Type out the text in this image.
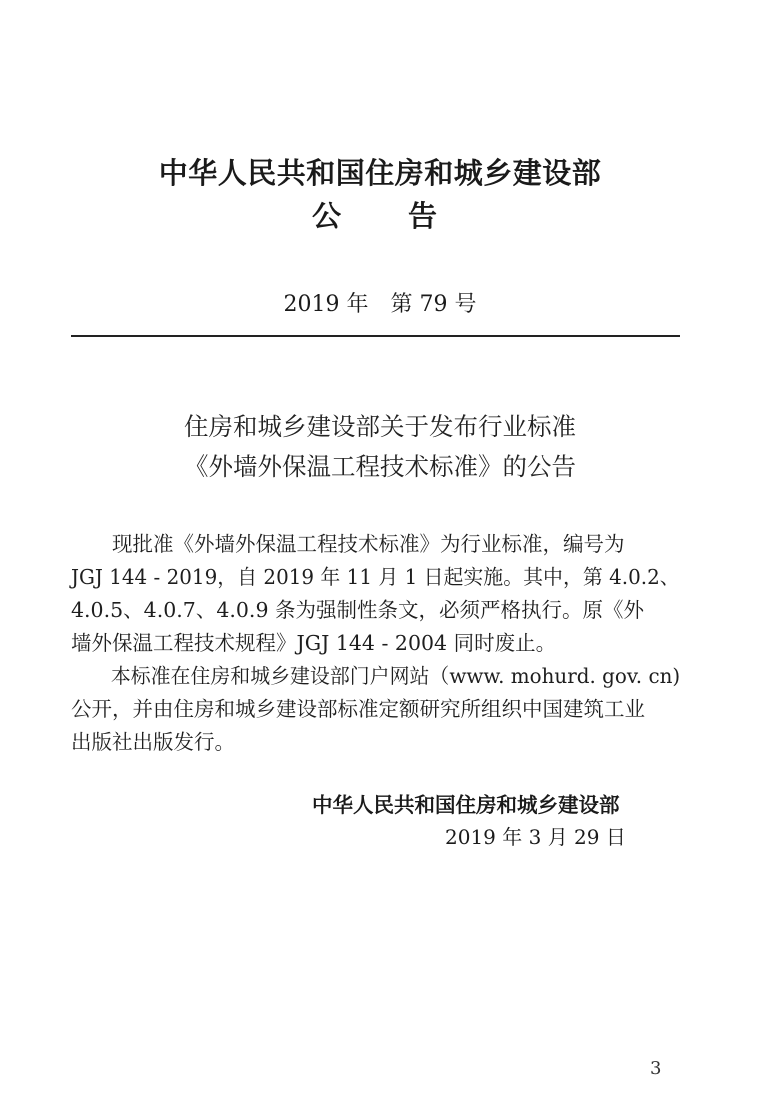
中华人民共和国住房和城乡建设部
公 告
2019 年　第 79 号
住房和城乡建设部关于发布行业标准
《外墙外保温工程技术标准》的公告
　　现批准《外墙外保温工程技术标准》为行业标准，编号为
JGJ 144 - 2019，自 2019 年 11 月 1 日起实施。其中，第 4.0.2、
4.0.5、4.0.7、4.0.9 条为强制性条文，必须严格执行。原《外
墙外保温工程技术规程》JGJ 144 - 2004 同时废止。
　　本标准在住房和城乡建设部门户网站（www. mohurd. gov. cn)
公开，并由住房和城乡建设部标准定额研究所组织中国建筑工业
出版社出版发行。
中华人民共和国住房和城乡建设部
2019 年 3 月 29 日
3
